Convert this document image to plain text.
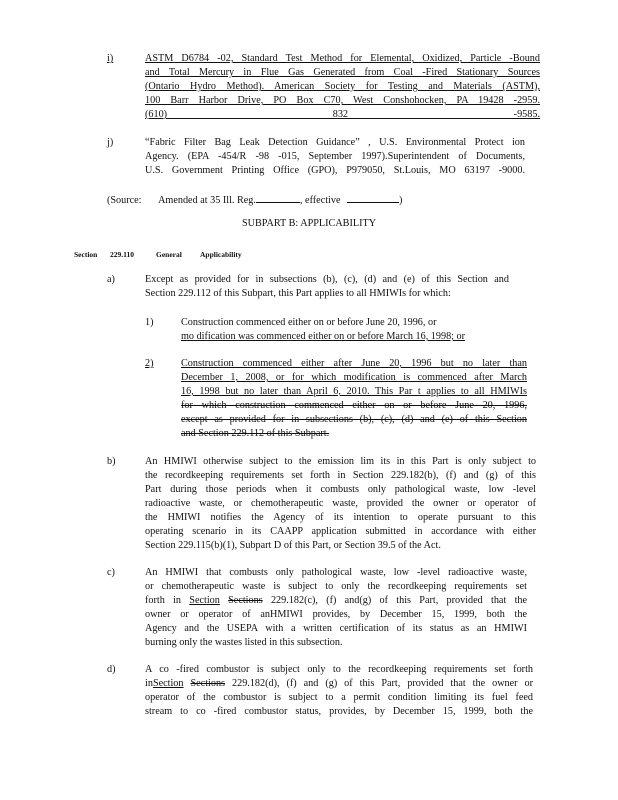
i)	ASTM D6784 -02, Standard Test Method for Elemental, Oxidized, Particle -Bound
and Total Mercury in Flue Gas Generated from Coal -Fired Stationary Sources
(Ontario Hydro Method). American Society for Testing and Materials (ASTM),
100 Barr Harbor Drive, PO Box C70, West Conshohocken, PA 19428 -2959.
(610) 832 -9585.
j)	“Fabric Filter Bag Leak Detection Guidance” , U.S. Environmental Protect ion
Agency. (EPA -454/R -98 -015, September 1997).Superintendent of Documents,
U.S. Government Printing Office (GPO), P979050, St.Louis, MO 63197 -9000.
(Source: Amended at 35 Ill. Reg.	, effective	)
SUBPART B: APPLICABILITY
Section 229.110	General Applicability
a)	Except as provided for in subsections (b), (c), (d) and (e) of this Section and
Section 229.112 of this Subpart, this Part applies to all HMIWIs for which:
1)	Construction commenced either on or before June 20, 1996, or
mo dification was commenced either on or before March 16, 1998; or
2)	Construction commenced either after June 20, 1996 but no later than
December 1, 2008, or for which modification is commenced after March
16, 1998 but no later than April 6, 2010. This Par t applies to all HMIWIs
for which construction commenced either on or before June 20, 1996,
except as provided for in subsections (b), (c), (d) and (e) of this Section
and Section 229.112 of this Subpart.
b)	An HMIWI otherwise subject to the emission lim its in this Part is only subject to
the recordkeeping requirements set forth in Section 229.182(b), (f) and (g) of this
Part during those periods when it combusts only pathological waste, low -level
radioactive waste, or chemotherapeutic waste, provided the owner or operator of
the HMIWI notifies the Agency of its intention to operate pursuant to this
operating scenario in its CAAPP application submitted in accordance with either
Section 229.115(b)(1), Subpart D of this Part, or Section 39.5 of the Act.
c)	An HMIWI that combusts only pathological waste, low -level radioactive waste,
or chemotherapeutic waste is subject to only the recordkeeping requirements set
forth in Section Sections 229.182(c), (f) and(g) of this Part, provided that the
owner or operator of anHMIWI provides, by December 15, 1999, both the
Agency and the USEPA with a written certification of its status as an HMIWI
burning only the wastes listed in this subsection.
d)	A co -fired combustor is subject only to the recordkeeping requirements set forth
inSection Sections 229.182(d), (f) and (g) of this Part, provided that the owner or
operator of the combustor is subject to a permit condition limiting its fuel feed
stream to co -fired combustor status, provides, by December 15, 1999, both the
